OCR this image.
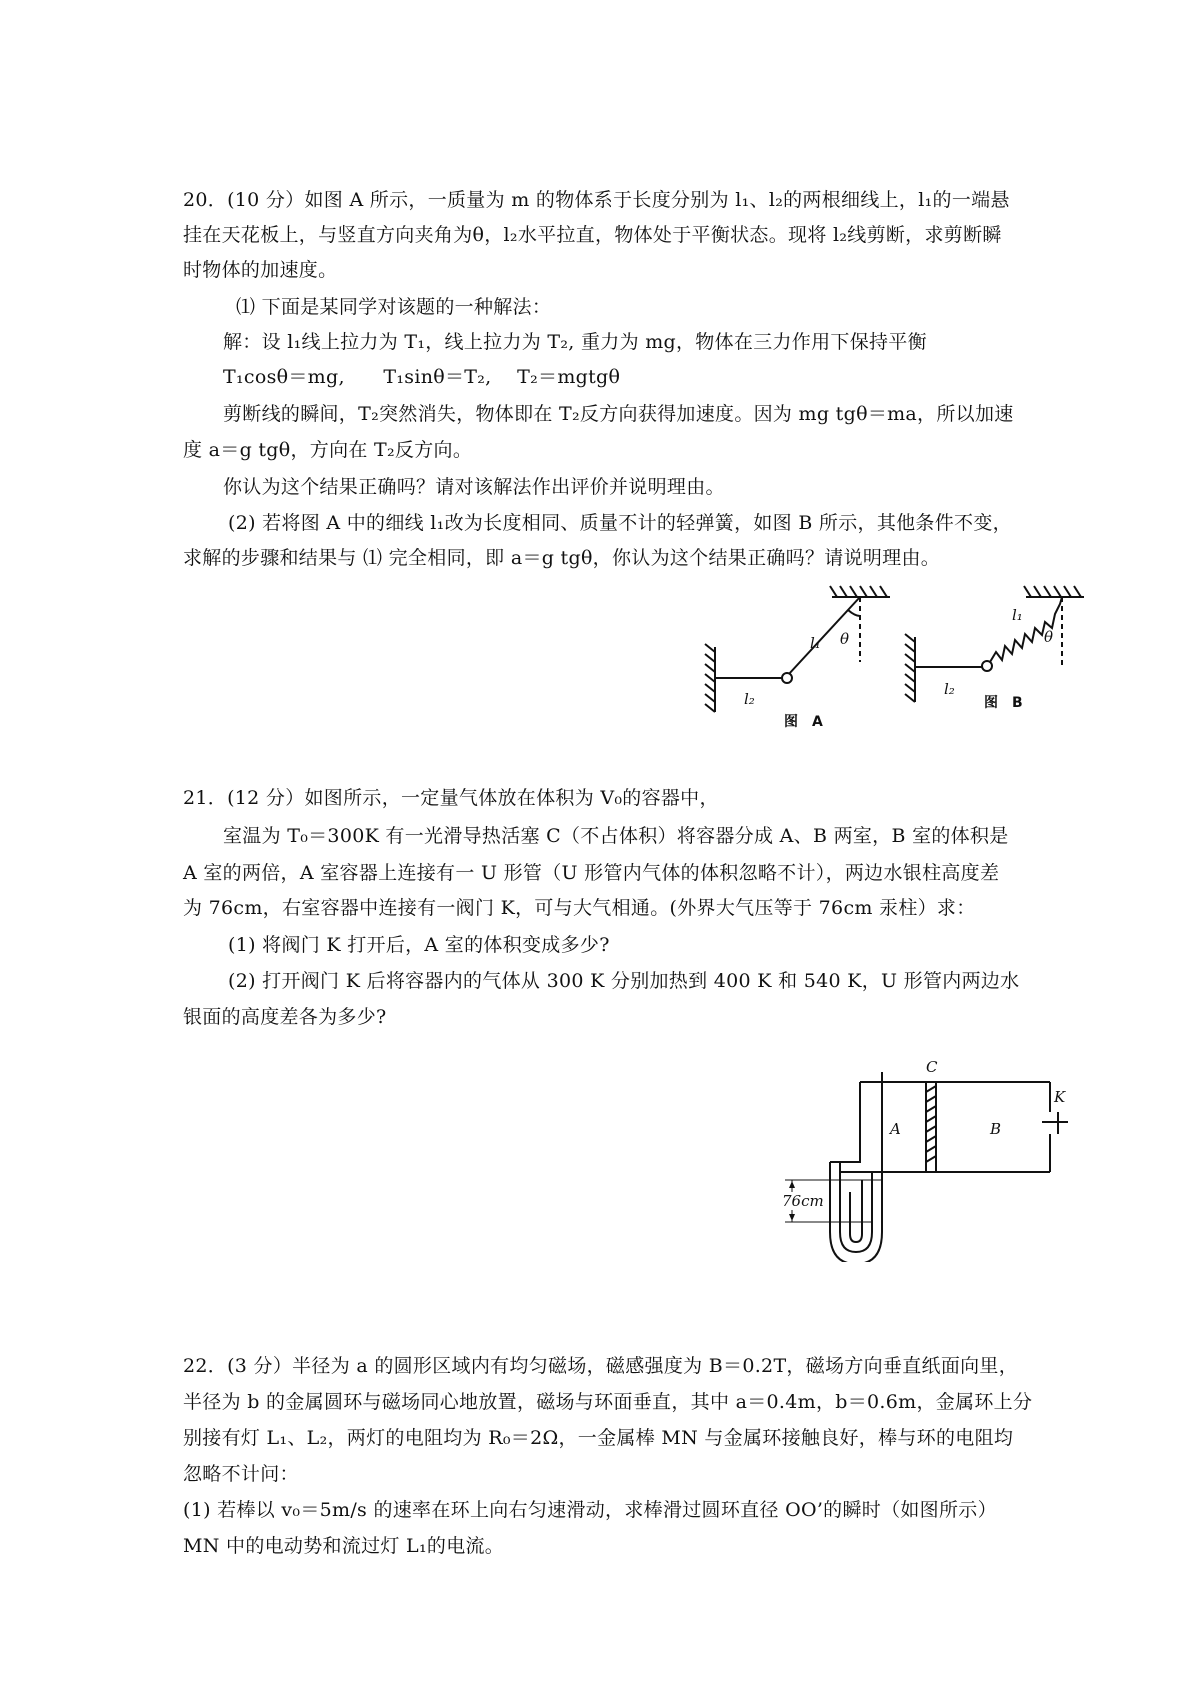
20．(10 分）如图 A 所示，一质量为 m 的物体系于长度分别为 l₁、l₂的两根细线上，l₁的一端悬
挂在天花板上，与竖直方向夹角为θ，l₂水平拉直，物体处于平衡状态。现将 l₂线剪断，求剪断瞬
时物体的加速度。
⑴ 下面是某同学对该题的一种解法：
解：设 l₁线上拉力为 T₁，线上拉力为 T₂, 重力为 mg，物体在三力作用下保持平衡
T₁cosθ＝mg,　　T₁sinθ＝T₂,　 T₂＝mgtgθ
剪断线的瞬间，T₂突然消失，物体即在 T₂反方向获得加速度。因为 mg tgθ＝ma，所以加速
度 a＝g tgθ，方向在 T₂反方向。
你认为这个结果正确吗？请对该解法作出评价并说明理由。
(2) 若将图 A 中的细线 l₁改为长度相同、质量不计的轻弹簧，如图 B 所示，其他条件不变，
求解的步骤和结果与 ⑴ 完全相同，即 a＝g tgθ，你认为这个结果正确吗？请说明理由。
l₁ θ
l₂
图　A
l₁
θ
l₂
图　B
21．(12 分）如图所示，一定量气体放在体积为 V₀的容器中，
室温为 T₀＝300K 有一光滑导热活塞 C（不占体积）将容器分成 A、B 两室，B 室的体积是
A 室的两倍，A 室容器上连接有一 U 形管（U 形管内气体的体积忽略不计），两边水银柱高度差
为 76cm，右室容器中连接有一阀门 K，可与大气相通。(外界大气压等于 76cm 汞柱）求：
(1) 将阀门 K 打开后，A 室的体积变成多少?
(2) 打开阀门 K 后将容器内的气体从 300 K 分别加热到 400 K 和 540 K，U 形管内两边水
银面的高度差各为多少?
C
A	B
K
76cm
22．(3 分）半径为 a 的圆形区域内有均匀磁场，磁感强度为 B＝0.2T，磁场方向垂直纸面向里，
半径为 b 的金属圆环与磁场同心地放置，磁场与环面垂直，其中 a＝0.4m，b＝0.6m，金属环上分
别接有灯 L₁、L₂，两灯的电阻均为 R₀＝2Ω，一金属棒 MN 与金属环接触良好，棒与环的电阻均
忽略不计问：
(1) 若棒以 v₀＝5m/s 的速率在环上向右匀速滑动，求棒滑过圆环直径 OO’的瞬时（如图所示）
MN 中的电动势和流过灯 L₁的电流。
